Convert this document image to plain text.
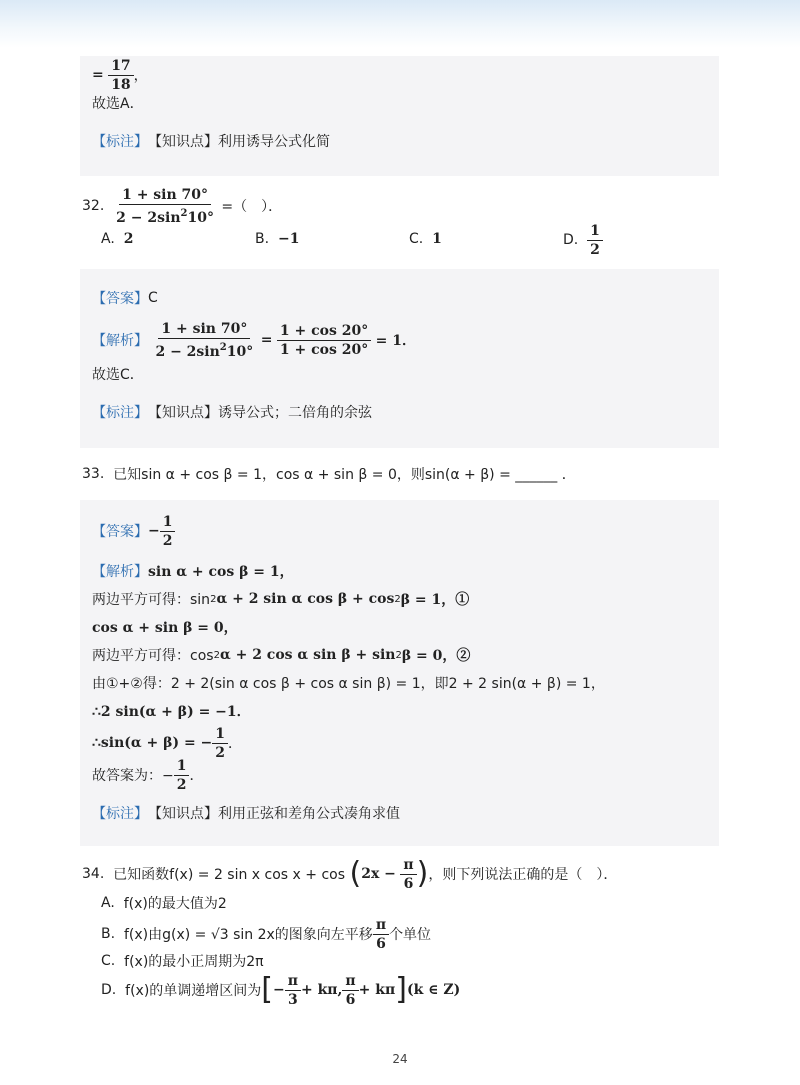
=
$\frac{17}{18}$ ，
故选A．
【标注】 【知识点】利用诱导公式化简
32.
$\frac{1 + \sin 70^\circ}{2 - 2\sin^210^\circ}$
=（　）．
A.
2	B.
−1	C.
1	D.
$\frac{1}{2}$
【答案】 C
【解析】
$\frac{1 + \sin 70^\circ}{2 - 2\sin^210^\circ}$
=
$\frac{1 + \cos 20^\circ}{1 + \cos 20^\circ}$
= 1．
故选C．
【标注】 【知识点】诱导公式；二倍角的余弦
33.
已知sin α + cos β = 1，cos α + sin β = 0，则sin(α + β) = ______ ．
【答案】 − $\frac{1}{2}$
【解析】 sin α + cos β = 1，
两边平方可得：sin 2 α + 2 sin α cos β + cos 2 β = 1，①
cos α + sin β = 0，
两边平方可得：cos 2 α + 2 cos α sin β + sin 2 β = 0，②
由①+②得：2 + 2(sin α cos β + cos α sin β) = 1，即2 + 2 sin(α + β) = 1，
∴2 sin(α + β) = −1．
∴sin(α + β) = − $\frac{1}{2}$ ．
故答案为：− $\frac{1}{2}$ ．
【标注】 【知识点】利用正弦和差角公式凑角求值
34.
已知函数f(x) = 2 sin x cos x + cos
( 2x −
$\frac{\pi}{6}$ ) ，则下列说法正确的是（　）．
A.
f(x)的最大值为2
B.
f(x)由g(x) = √3 sin 2x的图象向左平移 $\frac{\pi}{6}$ 个单位
C.
f(x)的最小正周期为2π
D.
f(x)的单调递增区间为 [ − $\frac{\pi}{3} + k\pi$, $\frac{\pi}{6} + k\pi$ ] (k ∈ Z)
24
